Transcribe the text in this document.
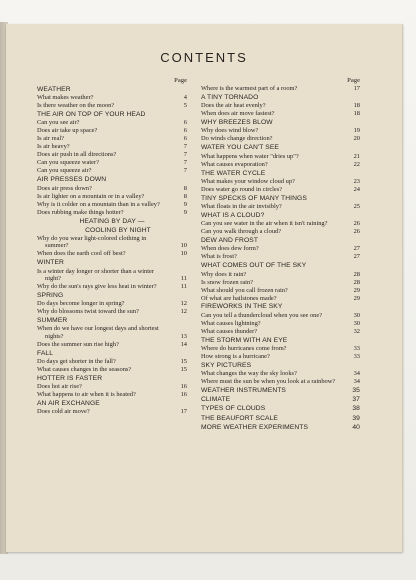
CONTENTS
Page
WEATHER
What makes weather?	4
Is there weather on the moon?	5
THE AIR ON TOP OF YOUR HEAD
Can you see air?	6
Does air take up space?	6
Is air real?	6
Is air heavy?	7
Does air push in all directions?	7
Can you squeeze water?	7
Can you squeeze air?	7
AIR PRESSES DOWN
Does air press down?	8
Is air lighter on a mountain or in a valley?	8
Why is it colder on a mountain than in a valley?	9
Does rubbing make things hotter?	9
HEATING BY DAY —
COOLING BY NIGHT
Why do you wear light-colored clothing in summer?	10
When does the earth cool off best?	10
WINTER
Is a winter day longer or shorter than a winter night?	11
Why do the sun's rays give less heat in winter?	11
SPRING
Do days become longer in spring?	12
Why do blossoms twist toward the sun?	12
SUMMER
When do we have our longest days and shortest nights?	13
Does the summer sun rise high?	14
FALL
Do days get shorter in the fall?	15
What causes changes in the seasons?	15
HOTTER IS FASTER
Does hot air rise?	16
What happens to air when it is heated?	16
AN AIR EXCHANGE
Does cold air move?	17
Page
Where is the warmest part of a room?	17
A TINY TORNADO
Does the air heat evenly?	18
When does air move fastest?	18
WHY BREEZES BLOW
Why does wind blow?	19
Do winds change direction?	20
WATER YOU CAN'T SEE
What happens when water "dries up"?	21
What causes evaporation?	22
THE WATER CYCLE
What makes your window cloud up?	23
Does water go round in circles?	24
TINY SPECKS OF MANY THINGS
What floats in the air invisibly?	25
WHAT IS A CLOUD?
Can you see water in the air when it isn't raining?	26
Can you walk through a cloud?	26
DEW AND FROST
When does dew form?	27
What is frost?	27
WHAT COMES OUT OF THE SKY
Why does it rain?	28
Is snow frozen rain?	28
What should you call frozen rain?	29
Of what are hailstones made?	29
FIREWORKS IN THE SKY
Can you tell a thundercloud when you see one?	30
What causes lightning?	30
What causes thunder?	32
THE STORM WITH AN EYE
Where do hurricanes come from?	33
How strong is a hurricane?	33
SKY PICTURES
What changes the way the sky looks?	34
Where must the sun be when you look at a rainbow?	34
WEATHER INSTRUMENTS	35
CLIMATE	37
TYPES OF CLOUDS	38
THE BEAUFORT SCALE	39
MORE WEATHER EXPERIMENTS	40
